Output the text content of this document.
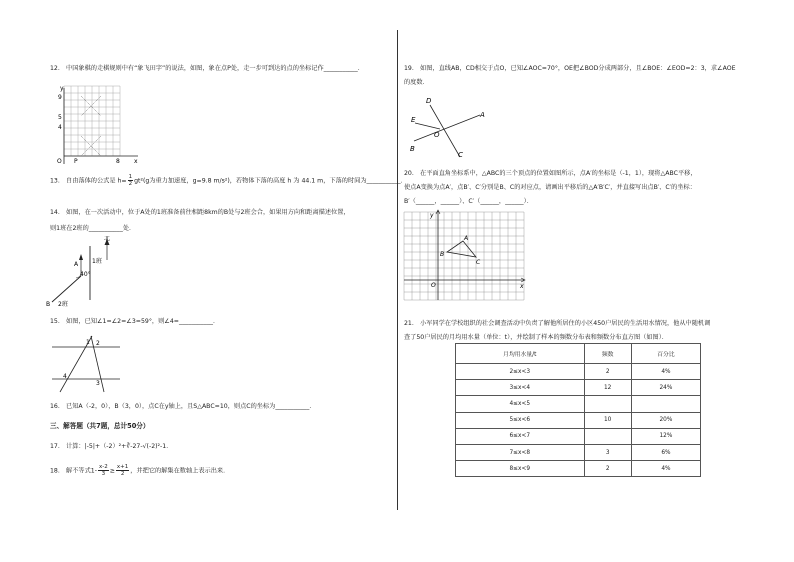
12.　中国象棋的走棋规则中有“象飞田字”的说法，如图，象在点P处，走一步可到达的点的坐标记作___________．
y
x
O P
9
5
4
8
13.　自由落体的公式是 $h= \frac{1}{2} gt^2(g$为重力加速度，g=9.8 m/s²)，若物体下落的高度 h 为 44.1 m，下落的时间为___________．
14.　如图，在一次活动中，位于A处的1班准备前往相距8km的B处与2班会合，如果用方向和距离描述位置，
则1班在2班的___________处．
北
1班
40°
A
B 2班
15.　如图，已知∠1=∠2=∠3=59°，则∠4=___________．
1 2
3
4
16.　已知A（-2，0），B（3，0），点C在y轴上，且S△ABC=10，则点C的坐标为___________．
三、解答题（共7题，总计50分）
17.　计算：|-5|+（-2）²+∛-27-√(-2)²-1．
18.　解不等式$1- \frac{x-2}{3} \ge \frac{x+1}{2}$ ，并把它的解集在数轴上表示出来．
19.　如图，直线AB，CD相交于点O，已知∠AOC=70°，OE把∠BOD分成两部分，且∠BOE：∠EOD=2：3，求∠AOE
的度数．
D
A
E
O
B
C
20.　在平面直角坐标系中，△ABC的三个顶点的位置如图所示，点A′的坐标是（-1，1），现将△ABC平移，
使点A变换为点A′，点B′、C′分别是B、C的对应点，请画出平移后的△A′B′C′，并直接写出点B′、C′的坐标：
B′（______，______）、C′（______，______）．
y
x
O
A
B
C
21.　小军同学在学校组织的社会调查活动中负责了解他所居住的小区450户居民的生活用水情况，他从中随机调
查了50户居民的月均用水量（单位：t），并绘制了样本的频数分布表和频数分布直方图（如图）．
月均用水量/t	频数	百分比
2≤x<3	2	4%
3≤x<4	12	24%
4≤x<5		
5≤x<6	10	20%
6≤x<7		12%
7≤x<8	3	6%
8≤x<9	2	4%
